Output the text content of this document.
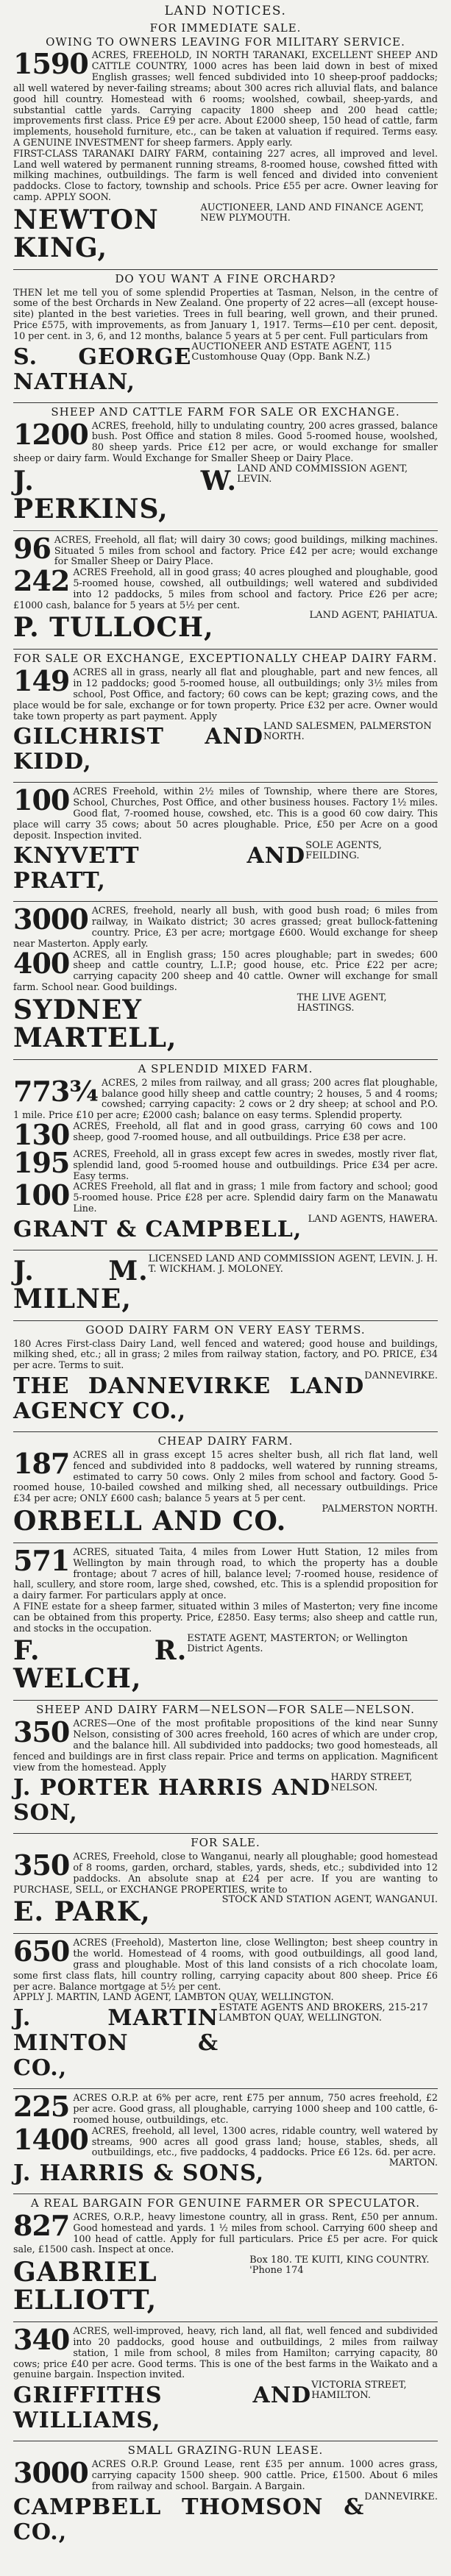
LAND NOTICES.
FOR IMMEDIATE SALE.
OWING TO OWNERS LEAVING FOR MILITARY SERVICE.

1590 ACRES, FREEHOLD, IN NORTH TARANAKI, EXCELLENT SHEEP AND CATTLE COUNTRY, 1000 acres has been laid down in best of mixed English grasses; well fenced subdivided into 10 sheep-proof paddocks; all well watered by never-failing streams; about 300 acres rich alluvial flats, and balance good hill country. Homestead with 6 rooms; woolshed, cowbail, sheep-yards, and substantial cattle yards. Carrying capacity 1800 sheep and 200 head cattle; improvements first class. Price £9 per acre. About £2000 sheep, 150 head of cattle, farm implements, household furniture, etc., can be taken at valuation if required. Terms easy. A GENUINE INVESTMENT for sheep farmers. Apply early.

FIRST-CLASS TARANAKI DAIRY FARM, containing 227 acres, all improved and level. Land well watered by permanent running streams, 8-roomed house, cowshed fitted with milking machines, outbuildings. The farm is well fenced and divided into convenient paddocks. Close to factory, township and schools. Price £55 per acre. Owner leaving for camp. APPLY SOON.

NEWTON KING,
AUCTIONEER, LAND AND FINANCE AGENT, NEW PLYMOUTH.
DO YOU WANT A FINE ORCHARD?

THEN let me tell you of some splendid Properties at Tasman, Nelson, in the centre of some of the best Orchards in New Zealand. One property of 22 acres—all (except house-site) planted in the best varieties. Trees in full bearing, well grown, and their pruned. Price £575, with improvements, as from January 1, 1917. Terms—£10 per cent. deposit, 10 per cent. in 3, 6, and 12 months, balance 5 years at 5 per cent. Full particulars from

S. GEORGE NATHAN,
AUCTIONEER AND ESTATE AGENT, 115 Customhouse Quay (Opp. Bank N.Z.)
SHEEP AND CATTLE FARM FOR SALE OR EXCHANGE.

1200 ACRES, freehold, hilly to undulating country, 200 acres grassed, balance bush. Post Office and station 8 miles. Good 5-roomed house, woolshed, 80 sheep yards. Price £12 per acre, or would exchange for smaller sheep or dairy farm. Would Exchange for Smaller Sheep or Dairy Place.

J. W. PERKINS,
LAND AND COMMISSION AGENT, LEVIN.

96 ACRES, Freehold, all flat; will dairy 30 cows; good buildings, milking machines. Situated 5 miles from school and factory. Price £42 per acre; would exchange for Smaller Sheep or Dairy Place.

242 ACRES Freehold, all in good grass; 40 acres ploughed and ploughable, good 5-roomed house, cowshed, all outbuildings; well watered and subdivided into 12 paddocks, 5 miles from school and factory. Price £26 per acre; £1000 cash, balance for 5 years at 5½ per cent.

P. TULLOCH,	LAND AGENT, PAHIATUA.
FOR SALE OR EXCHANGE, EXCEPTIONALLY CHEAP DAIRY FARM.

149 ACRES all in grass, nearly all flat and ploughable, part and new fences, all in 12 paddocks; good 5-roomed house, all outbuildings; only 3½ miles from school, Post Office, and factory; 60 cows can be kept; grazing cows, and the place would be for sale, exchange or for town property. Price £32 per acre. Owner would take town property as part payment. Apply

GILCHRIST AND KIDD,
LAND SALESMEN, PALMERSTON NORTH.

100 ACRES Freehold, within 2½ miles of Township, where there are Stores, School, Churches, Post Office, and other business houses. Factory 1½ miles. Good flat, 7-roomed house, cowshed, etc. This is a good 60 cow dairy. This place will carry 35 cows; about 50 acres ploughable. Price, £50 per Acre on a good deposit. Inspection invited.

KNYVETT AND PRATT,
SOLE AGENTS, FEILDING.

3000 ACRES, freehold, nearly all bush, with good bush road; 6 miles from railway, in Waikato district; 30 acres grassed; great bullock-fattening country. Price, £3 per acre; mortgage £600. Would exchange for sheep near Masterton. Apply early.

400 ACRES, all in English grass; 150 acres ploughable; part in swedes; 600 sheep and cattle country, L.I.P.; good house, etc. Price £22 per acre; carrying capacity 200 sheep and 40 cattle. Owner will exchange for small farm. School near. Good buildings.

SYDNEY MARTELL,
THE LIVE AGENT, HASTINGS.
A SPLENDID MIXED FARM.

773¾ ACRES, 2 miles from railway, and all grass; 200 acres flat ploughable, balance good hilly sheep and cattle country; 2 houses, 5 and 4 rooms; cowshed; carrying capacity: 2 cows or 2 dry sheep; at school and P.O. 1 mile. Price £10 per acre; £2000 cash; balance on easy terms. Splendid property.

130 ACRES, Freehold, all flat and in good grass, carrying 60 cows and 100 sheep, good 7-roomed house, and all outbuildings. Price £38 per acre.

195 ACRES, Freehold, all in grass except few acres in swedes, mostly river flat, splendid land, good 5-roomed house and outbuildings. Price £34 per acre. Easy terms.

100 ACRES Freehold, all flat and in grass; 1 mile from factory and school; good 5-roomed house. Price £28 per acre. Splendid dairy farm on the Manawatu Line.

GRANT & CAMPBELL, LAND AGENTS, HAWERA.
J. M. MILNE,
LICENSED LAND AND COMMISSION AGENT, LEVIN. J. H. T. WICKHAM. J. MOLONEY.
GOOD DAIRY FARM ON VERY EASY TERMS.

180 Acres First-class Dairy Land, well fenced and watered; good house and buildings, milking shed, etc.; all in grass; 2 miles from railway station, factory, and PO. PRICE, £34 per acre. Terms to suit.

THE DANNEVIRKE LAND AGENCY CO.,
DANNEVIRKE.
CHEAP DAIRY FARM.

187 ACRES all in grass except 15 acres shelter bush, all rich flat land, well fenced and subdivided into 8 paddocks, well watered by running streams, estimated to carry 50 cows. Only 2 miles from school and factory. Good 5-roomed house, 10-bailed cowshed and milking shed, all necessary outbuildings. Price £34 per acre; ONLY £600 cash; balance 5 years at 5 per cent.

ORBELL AND CO.	PALMERSTON NORTH.

571 ACRES, situated Taita, 4 miles from Lower Hutt Station, 12 miles from Wellington by main through road, to which the property has a double frontage; about 7 acres of hill, balance level; 7-roomed house, residence of hall, scullery, and store room, large shed, cowshed, etc. This is a splendid proposition for a dairy farmer. For particulars apply at once.

A FINE estate for a sheep farmer, situated within 3 miles of Masterton; very fine income can be obtained from this property. Price, £2850. Easy terms; also sheep and cattle run, and stocks in the occupation.

F. R. WELCH,
ESTATE AGENT, MASTERTON; or Wellington District Agents.
SHEEP AND DAIRY FARM—NELSON—FOR SALE—NELSON.

350 ACRES—One of the most profitable propositions of the kind near Sunny Nelson, consisting of 300 acres freehold, 160 acres of which are under crop, and the balance hill. All subdivided into paddocks; two good homesteads, all fenced and buildings are in first class repair. Price and terms on application. Magnificent view from the homestead. Apply

J. PORTER HARRIS AND SON,
HARDY STREET, NELSON.
FOR SALE.

350 ACRES, Freehold, close to Wanganui, nearly all ploughable; good homestead of 8 rooms, garden, orchard, stables, yards, sheds, etc.; subdivided into 12 paddocks. An absolute snap at £24 per acre. If you are wanting to PURCHASE, SELL, or EXCHANGE PROPERTIES, write to

E. PARK,	STOCK AND STATION AGENT, WANGANUI.

650 ACRES (Freehold), Masterton line, close Wellington; best sheep country in the world. Homestead of 4 rooms, with good outbuildings, all good land, grass and ploughable. Most of this land consists of a rich chocolate loam, some first class flats, hill country rolling, carrying capacity about 800 sheep. Price £6 per acre. Balance mortgage at 5½ per cent.

APPLY J. MARTIN, LAND AGENT, LAMBTON QUAY, WELLINGTON.

J. MARTIN MINTON & CO.,
ESTATE AGENTS AND BROKERS, 215-217 LAMBTON QUAY, WELLINGTON.

225 ACRES O.R.P. at 6% per acre, rent £75 per annum, 750 acres freehold, £2 per acre. Good grass, all ploughable, carrying 1000 sheep and 100 cattle, 6-roomed house, outbuildings, etc.

1400 ACRES, freehold, all level, 1300 acres, ridable country, well watered by streams, 900 acres all good grass land; house, stables, sheds, all outbuildings, etc., five paddocks, 4 paddocks. Price £6 12s. 6d. per acre.

J. HARRIS & SONS,	MARTON.
A REAL BARGAIN FOR GENUINE FARMER OR SPECULATOR.

827 ACRES, O.R.P., heavy limestone country, all in grass. Rent, £50 per annum. Good homestead and yards. 1 ½ miles from school. Carrying 600 sheep and 100 head of cattle. Apply for full particulars. Price £5 per acre. For quick sale, £1500 cash. Inspect at once.

GABRIEL ELLIOTT,
Box 180. TE KUITI, KING COUNTRY. 'Phone 174

340 ACRES, well-improved, heavy, rich land, all flat, well fenced and subdivided into 20 paddocks, good house and outbuildings, 2 miles from railway station, 1 mile from school, 8 miles from Hamilton; carrying capacity, 80 cows; price £40 per acre. Good terms. This is one of the best farms in the Waikato and a genuine bargain. Inspection invited.

GRIFFITHS AND WILLIAMS,
VICTORIA STREET, HAMILTON.
SMALL GRAZING-RUN LEASE.

3000 ACRES O.R.P. Ground Lease, rent £35 per annum. 1000 acres grass, carrying capacity 1500 sheep. 900 cattle. Price, £1500. About 6 miles from railway and school. Bargain. A Bargain.

CAMPBELL THOMSON & CO.,
DANNEVIRKE.
